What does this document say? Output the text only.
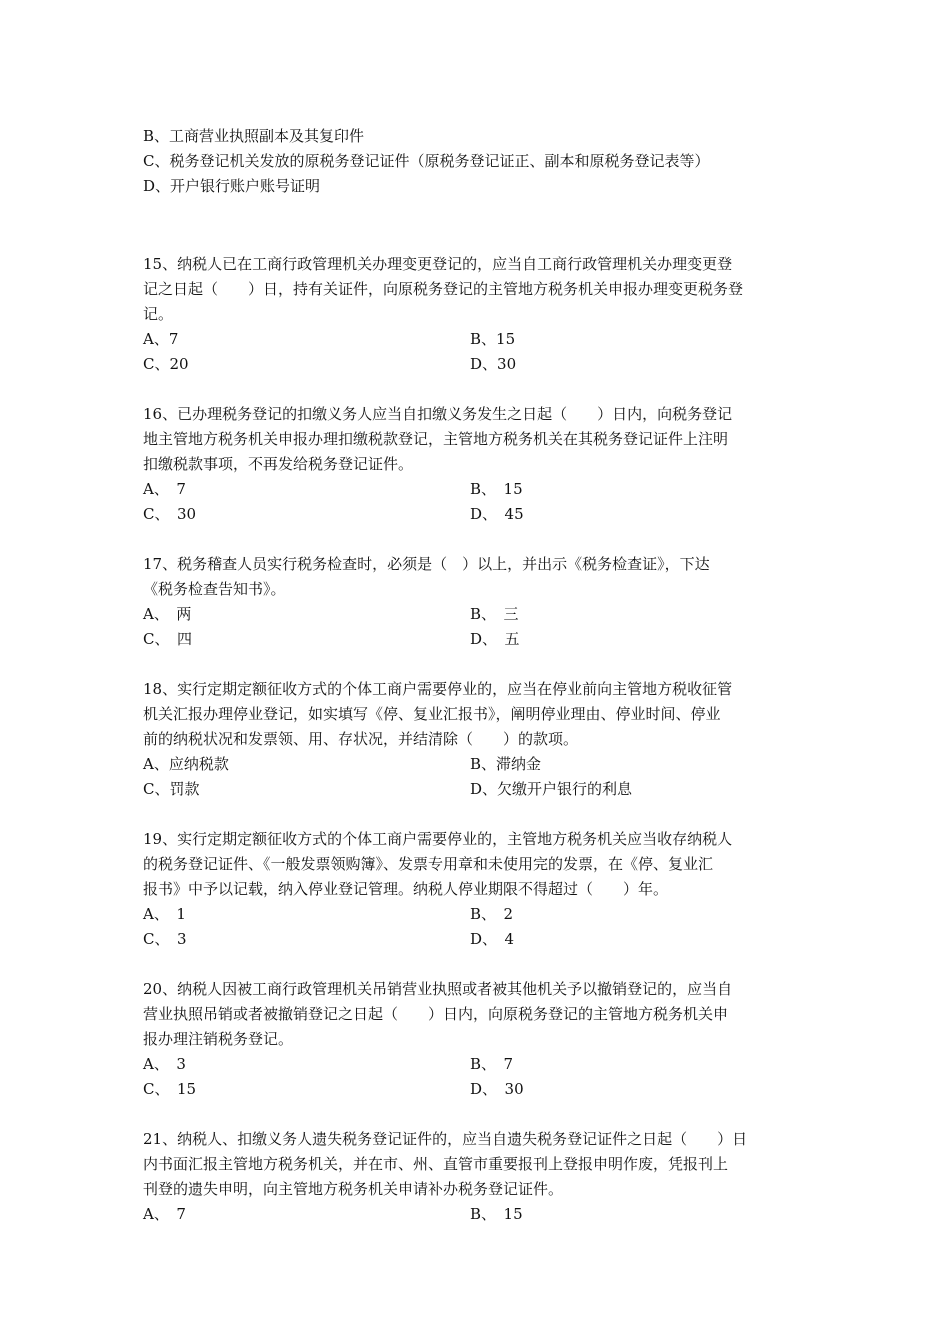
B、工商营业执照副本及其复印件
C、税务登记机关发放的原税务登记证件（原税务登记证正、副本和原税务登记表等）
D、开户银行账户账号证明
15、纳税人已在工商行政管理机关办理变更登记的，应当自工商行政管理机关办理变更登
记之日起（　　）日，持有关证件，向原税务登记的主管地方税务机关申报办理变更税务登
记。
A、7	B、15
C、20	D、30
16、已办理税务登记的扣缴义务人应当自扣缴义务发生之日起（　　）日内，向税务登记
地主管地方税务机关申报办理扣缴税款登记，主管地方税务机关在其税务登记证件上注明
扣缴税款事项，不再发给税务登记证件。
A、　7	B、　15
C、　30	D、　45
17、税务稽查人员实行税务检查时，必须是（　）以上，并出示《税务检查证》，下达
《税务检查告知书》。
A、　两	B、　三
C、　四	D、　五
18、实行定期定额征收方式的个体工商户需要停业的，应当在停业前向主管地方税收征管
机关汇报办理停业登记，如实填写《停、复业汇报书》，阐明停业理由、停业时间、停业
前的纳税状况和发票领、用、存状况，并结清除（　　）的款项。
A、应纳税款	B、滞纳金
C、罚款	D、欠缴开户银行的利息
19、实行定期定额征收方式的个体工商户需要停业的，主管地方税务机关应当收存纳税人
的税务登记证件、《一般发票领购簿》、发票专用章和未使用完的发票，在《停、复业汇
报书》中予以记载，纳入停业登记管理。纳税人停业期限不得超过（　　）年。
A、　1	B、　2
C、　3	D、　4
20、纳税人因被工商行政管理机关吊销营业执照或者被其他机关予以撤销登记的，应当自
营业执照吊销或者被撤销登记之日起（　　）日内，向原税务登记的主管地方税务机关申
报办理注销税务登记。
A、　3	B、　7
C、　15	D、　30
21、纳税人、扣缴义务人遗失税务登记证件的，应当自遗失税务登记证件之日起（　　）日
内书面汇报主管地方税务机关，并在市、州、直管市重要报刊上登报申明作废，凭报刊上
刊登的遗失申明，向主管地方税务机关申请补办税务登记证件。
A、　7	B、　15
